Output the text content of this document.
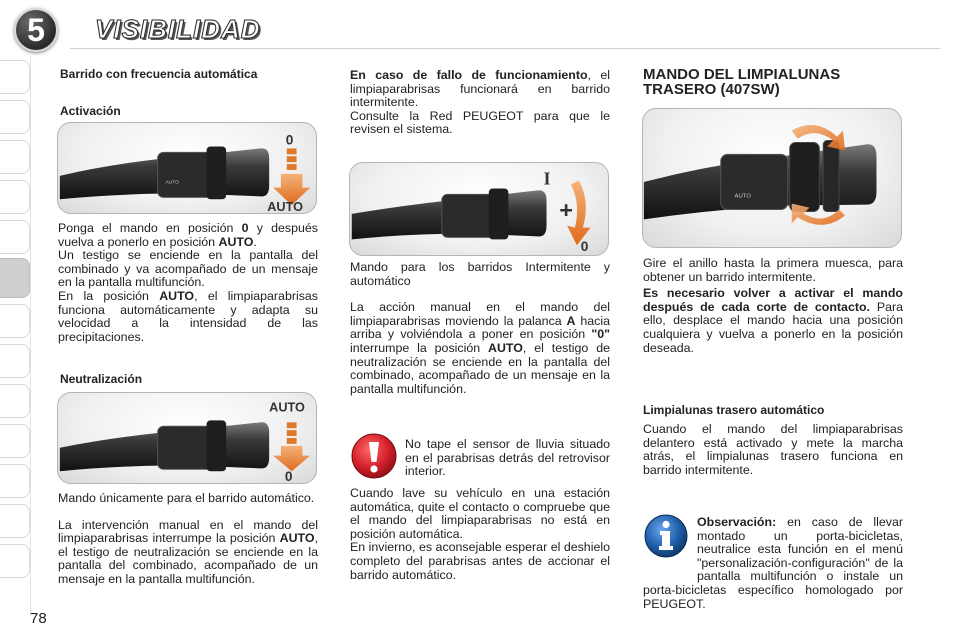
5	VISIBILIDAD
Barrido con frecuencia automática
Activación
AUTO
0
AUTO

Ponga el mando en posición 0 y después vuelva a ponerlo en posición AUTO.

Un testigo se enciende en la pantalla del combinado y va acompañado de un mensaje en la pantalla multifunción.

En la posición AUTO, el limpiaparabrisas funciona automáticamente y adapta su velocidad a la intensidad de las precipitaciones.

Neutralización
AUTO
0

Mando únicamente para el barrido automático.

La intervención manual en el mando del limpiaparabrisas interrumpe la posición AUTO, el testigo de neutralización se enciende en la pantalla del combinado, acompañado de un mensaje en la pantalla multifunción.

En caso de fallo de funcionamiento, el limpiaparabrisas funcionará en barrido intermitente.

Consulte la Red PEUGEOT para que le revisen el sistema.

I
+
0

Mando para los barridos Intermitente y automático

La acción manual en el mando del limpiaparabrisas moviendo la palanca A hacia arriba y volviéndola a poner en posición "0" interrumpe la posición AUTO, el testigo de neutralización se enciende en la pantalla del combinado, acompañado de un mensaje en la pantalla multifunción.

No tape el sensor de lluvia situado en el parabrisas detrás del retrovisor interior.

Cuando lave su vehículo en una estación automática, quite el contacto o compruebe que el mando del limpiaparabrisas no está en posición automática.

En invierno, es aconsejable esperar el deshielo completo del parabrisas antes de accionar el barrido automático.

MANDO DEL LIMPIALUNAS TRASERO (407SW)
AUTO

Gire el anillo hasta la primera muesca, para obtener un barrido intermitente.

Es necesario volver a activar el mando después de cada corte de contacto. Para ello, desplace el mando hacia una posición cualquiera y vuelva a ponerlo en la posición deseada.

Limpialunas trasero automático
Cuando el mando del limpiaparabrisas delantero está activado y mete la marcha atrás, el limpialunas trasero funciona en barrido intermitente.
Observación: en caso de llevar montado un porta-bicicletas, neutralice esta función en el menú "personalización-configuración" de la pantalla multifunción o instale un porta-bicicletas específico homologado por PEUGEOT.
78
